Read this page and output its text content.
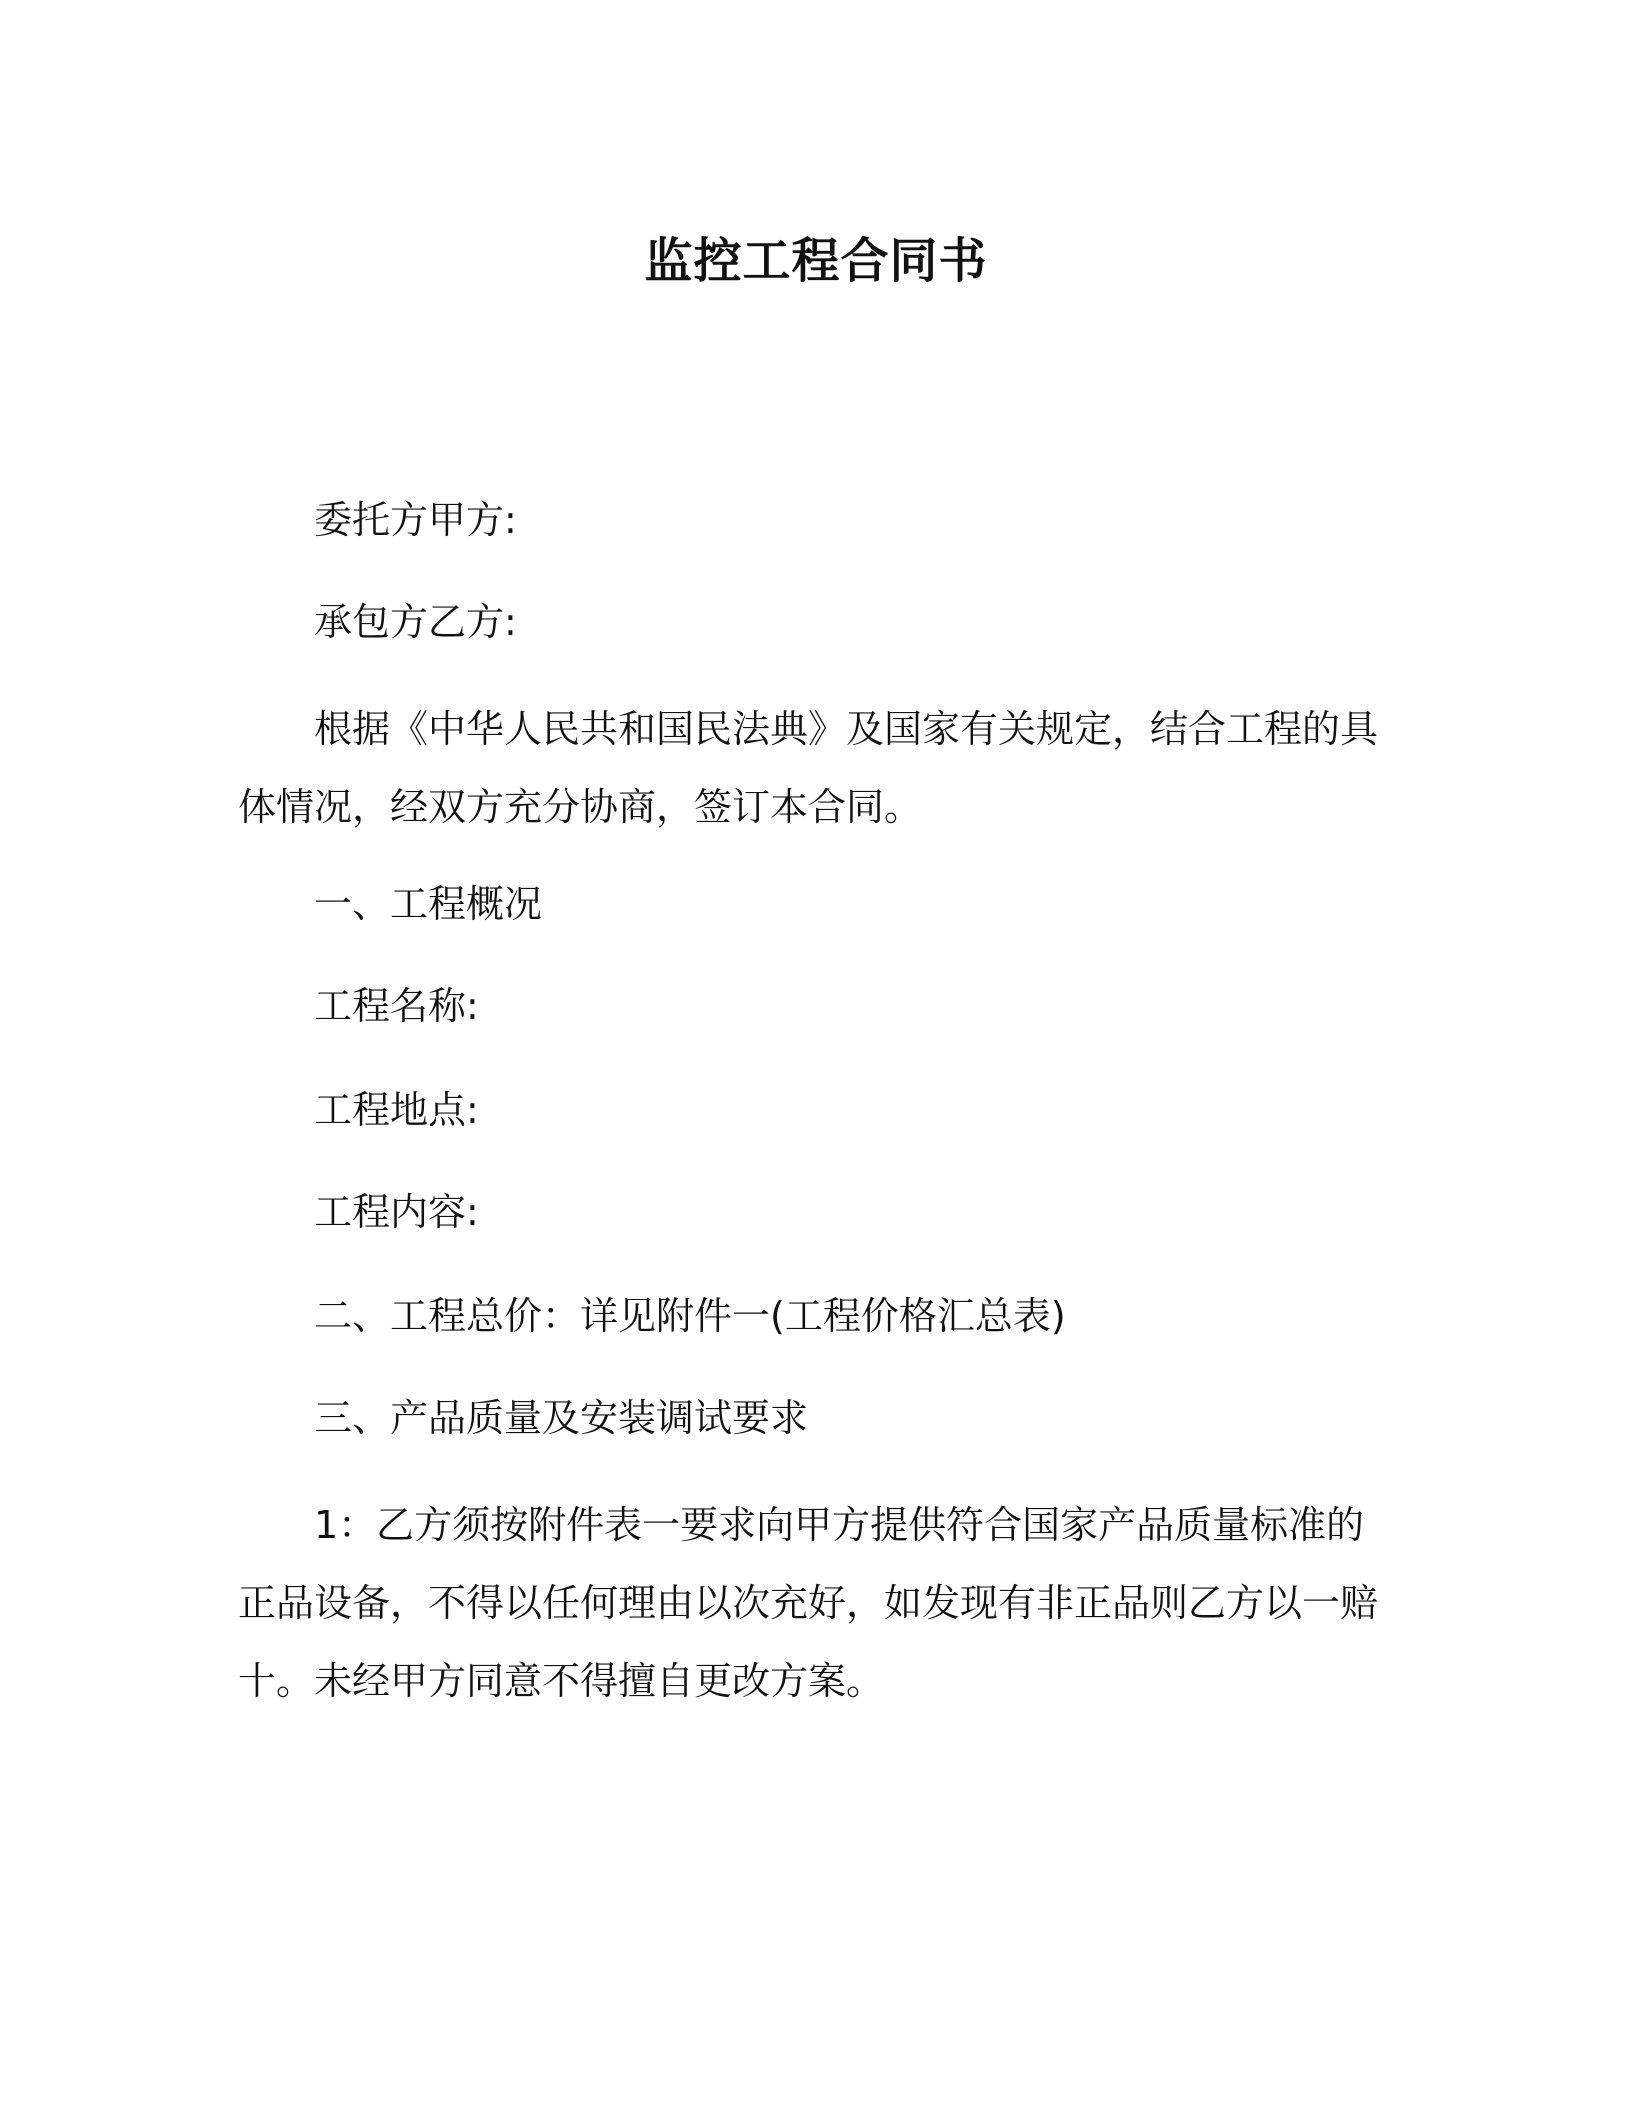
监控工程合同书
委托方甲方:
承包方乙方:

根据《中华人民共和国民法典》及国家有关规定，结合工程的具体情况，经双方充分协商，签订本合同。

一、工程概况
工程名称:
工程地点:
工程内容:
二、工程总价：详见附件一(工程价格汇总表)
三、产品质量及安装调试要求

1：乙方须按附件表一要求向甲方提供符合国家产品质量标准的正品设备，不得以任何理由以次充好，如发现有非正品则乙方以一赔十。未经甲方同意不得擅自更改方案。
